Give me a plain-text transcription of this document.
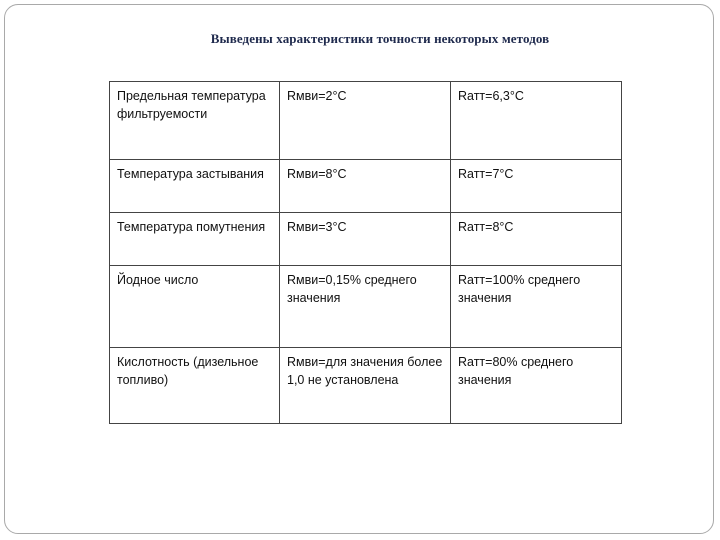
Выведены характеристики точности некоторых методов
Предельная температура фильтруемости	Rмви=2°C	Rатт=6,3°C
Температура застывания	Rмви=8°C	Rатт=7°C
Температура помутнения	Rмви=3°C	Rатт=8°C
Йодное число	Rмви=0,15% среднего значения	Rатт=100% среднего значения
Кислотность (дизельное топливо)	Rмви=для значения более 1,0 не установлена	Rатт=80% среднего значения
